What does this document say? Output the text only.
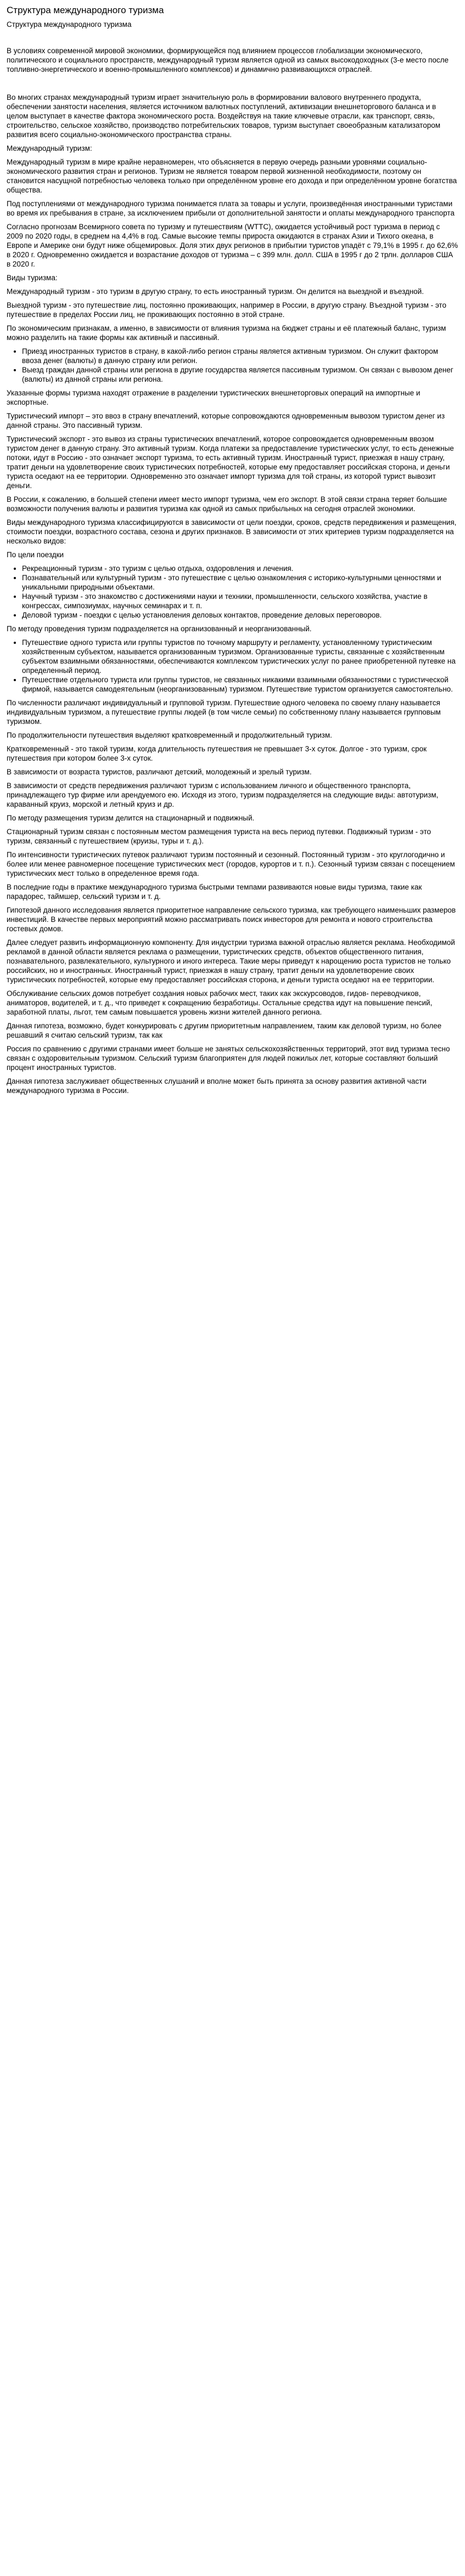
Структура международного туризма
Структура международного туризма

В условиях современной мировой экономики, формирующейся под влиянием процессов глобализации экономического, политического и социального пространств, международный туризм является одной из самых высокодоходных (3-е место после топливно-энергетического и военно-промышленного комплексов) и динамично развивающихся отраслей.

Во многих странах международный туризм играет значительную роль в формировании валового внутреннего продукта, обеспечении занятости населения, является источником валютных поступлений, активизации внешнеторгового баланса и в целом выступает в качестве фактора экономического роста. Воздействуя на такие ключевые отрасли, как транспорт, связь, строительство, сельское хозяйство, производство потребительских товаров, туризм выступает своеобразным катализатором развития всего социально-экономического пространства страны.

Международный туризм:

Международный туризм в мире крайне неравномерен, что объясняется в первую очередь разными уровнями социально-экономического развития стран и регионов. Туризм не является товаром первой жизненной необходимости, поэтому он становится насущной потребностью человека только при определённом уровне его дохода и при определённом уровне богатства общества.

Под поступлениями от международного туризма понимается плата за товары и услуги, произведённая иностранными туристами во время их пребывания в стране, за исключением прибыли от дополнительной занятости и оплаты международного транспорта

Согласно прогнозам Всемирного совета по туризму и путешествиям (WTTC), ожидается устойчивый рост туризма в период с 2009 по 2020 годы, в среднем на 4,4% в год. Самые высокие темпы прироста ожидаются в странах Азии и Тихого океана, в Европе и Америке они будут ниже общемировых. Доля этих двух регионов в прибытии туристов упадёт с 79,1% в 1995 г. до 62,6% в 2020 г. Одновременно ожидается и возрастание доходов от туризма – с 399 млн. долл. США в 1995 г до 2 трлн. долларов США в 2020 г.

Виды туризма:

Международный туризм - это туризм в другую страну, то есть иностранный туризм. Он делится на выездной и въездной.

Выездной туризм - это путешествие лиц, постоянно проживающих, например в России, в другую страну. Въездной туризм - это путешествие в пределах России лиц, не проживающих постоянно в этой стране.

По экономическим признакам, а именно, в зависимости от влияния туризма на бюджет страны и её платежный баланс, туризм можно разделить на такие формы как активный и пассивный.

• Приезд иностранных туристов в страну, в какой-либо регион страны является активным туризмом. Он служит фактором ввоза денег (валюты) в данную страну или регион.
• Выезд граждан данной страны или региона в другие государства является пассивным туризмом. Он связан с вывозом денег (валюты) из данной страны или региона.

Указанные формы туризма находят отражение в разделении туристических внешнеторговых операций на импортные и экспортные.

Туристический импорт – это ввоз в страну впечатлений, которые сопровождаются одновременным вывозом туристом денег из данной страны. Это пассивный туризм.

Туристический экспорт - это вывоз из страны туристических впечатлений, которое сопровождается одновременным ввозом туристом денег в данную страну. Это активный туризм. Когда платежи за предоставление туристических услуг, то есть денежные потоки, идут в Россию - это означает экспорт туризма, то есть активный туризм. Иностранный турист, приезжая в нашу страну, тратит деньги на удовлетворение своих туристических потребностей, которые ему предоставляет российская сторона, и деньги туриста оседают на ее территории. Одновременно это означает импорт туризма для той страны, из которой турист вывозит деньги.

В России, к сожалению, в большей степени имеет место импорт туризма, чем его экспорт. В этой связи страна теряет большие возможности получения валюты и развития туризма как одной из самых прибыльных на сегодня отраслей экономики.

Виды международного туризма классифицируются в зависимости от цели поездки, сроков, средств передвижения и размещения, стоимости поездки, возрастного состава, сезона и других признаков. В зависимости от этих критериев туризм подразделяется на несколько видов:

По цели поездки

• Рекреационный туризм - это туризм с целью отдыха, оздоровления и лечения.
• Познавательный или культурный туризм - это путешествие с целью ознакомления с историко-культурными ценностями и уникальными природными объектами.
• Научный туризм - это знакомство с достижениями науки и техники, промышленности, сельского хозяйства, участие в конгрессах, симпозиумах, научных семинарах и т. п.
• Деловой туризм - поездки с целью установления деловых контактов, проведение деловых переговоров.

По методу проведения туризм подразделяется на организованный и неорганизованный.

• Путешествие одного туриста или группы туристов по точному маршруту и регламенту, установленному туристическим хозяйственным субъектом, называется организованным туризмом. Организованные туристы, связанные с хозяйственным субъектом взаимными обязанностями, обеспечиваются комплексом туристических услуг по ранее приобретенной путевке на определенный период.
• Путешествие отдельного туриста или группы туристов, не связанных никакими взаимными обязанностями с туристической фирмой, называется самодеятельным (неорганизованным) туризмом. Путешествие туристом организуется самостоятельно.

По численности различают индивидуальный и групповой туризм. Путешествие одного человека по своему плану называется индивидуальным туризмом, а путешествие группы людей (в том числе семьи) по собственному плану называется групповым туризмом.

По продолжительности путешествия выделяют кратковременный и продолжительный туризм.

Кратковременный - это такой туризм, когда длительность путешествия не превышает 3-х суток. Долгое - это туризм, срок путешествия при котором более 3-х суток.

В зависимости от возраста туристов, различают детский, молодежный и зрелый туризм.

В зависимости от средств передвижения различают туризм с использованием личного и общественного транспорта, принадлежащего тур фирме или арендуемого ею. Исходя из этого, туризм подразделяется на следующие виды: автотуризм, караванный круиз, морской и летный круиз и др.

По методу размещения туризм делится на стационарный и подвижный.

Стационарный туризм связан с постоянным местом размещения туриста на весь период путевки. Подвижный туризм - это туризм, связанный с путешествием (круизы, туры и т. д.).

По интенсивности туристических путевок различают туризм постоянный и сезонный. Постоянный туризм - это круглогодично и более или менее равномерное посещение туристических мест (городов, курортов и т. п.). Сезонный туризм связан с посещением туристических мест только в определенное время года.

В последние годы в практике международного туризма быстрыми темпами развиваются новые виды туризма, такие как парадорес, таймшер, сельский туризм и т. д.

Гипотезой данного исследования является приоритетное направление сельского туризма, как требующего наименьших размеров инвестиций. В качестве первых мероприятий можно рассматривать поиск инвесторов для ремонта и нового строительства гостевых домов.

Далее следует развить информационную компоненту. Для индустрии туризма важной отраслью является реклама. Необходимой рекламой в данной области является реклама о размещении, туристических средств, объектов общественного питания, познавательного, развлекательного, культурного и иного интереса. Такие меры приведут к нарощению роста туристов не только российских, но и иностранных. Иностранный турист, приезжая в нашу страну, тратит деньги на удовлетворение своих туристических потребностей, которые ему предоставляет российская сторона, и деньги туриста оседают на ее территории.

Обслуживание сельских домов потребует создания новых рабочих мест, таких как экскурсоводов, гидов- переводчиков, аниматоров, водителей, и т. д., что приведет к сокращению безработицы. Остальные средства идут на повышение пенсий, заработной платы, льгот, тем самым повышается уровень жизни жителей данного региона.

Данная гипотеза, возможно, будет конкурировать с другим приоритетным направлением, таким как деловой туризм, но более решавший я считаю сельский туризм, так как

Россия по сравнению с другими странами имеет больше не занятых сельскохозяйственных территорий, этот вид туризма тесно связан с оздоровительным туризмом. Сельский туризм благоприятен для людей пожилых лет, которые составляют больший процент иностранных туристов.

Данная гипотеза заслуживает общественных слушаний и вполне может быть принята за основу развития активной части международного туризма в России.
